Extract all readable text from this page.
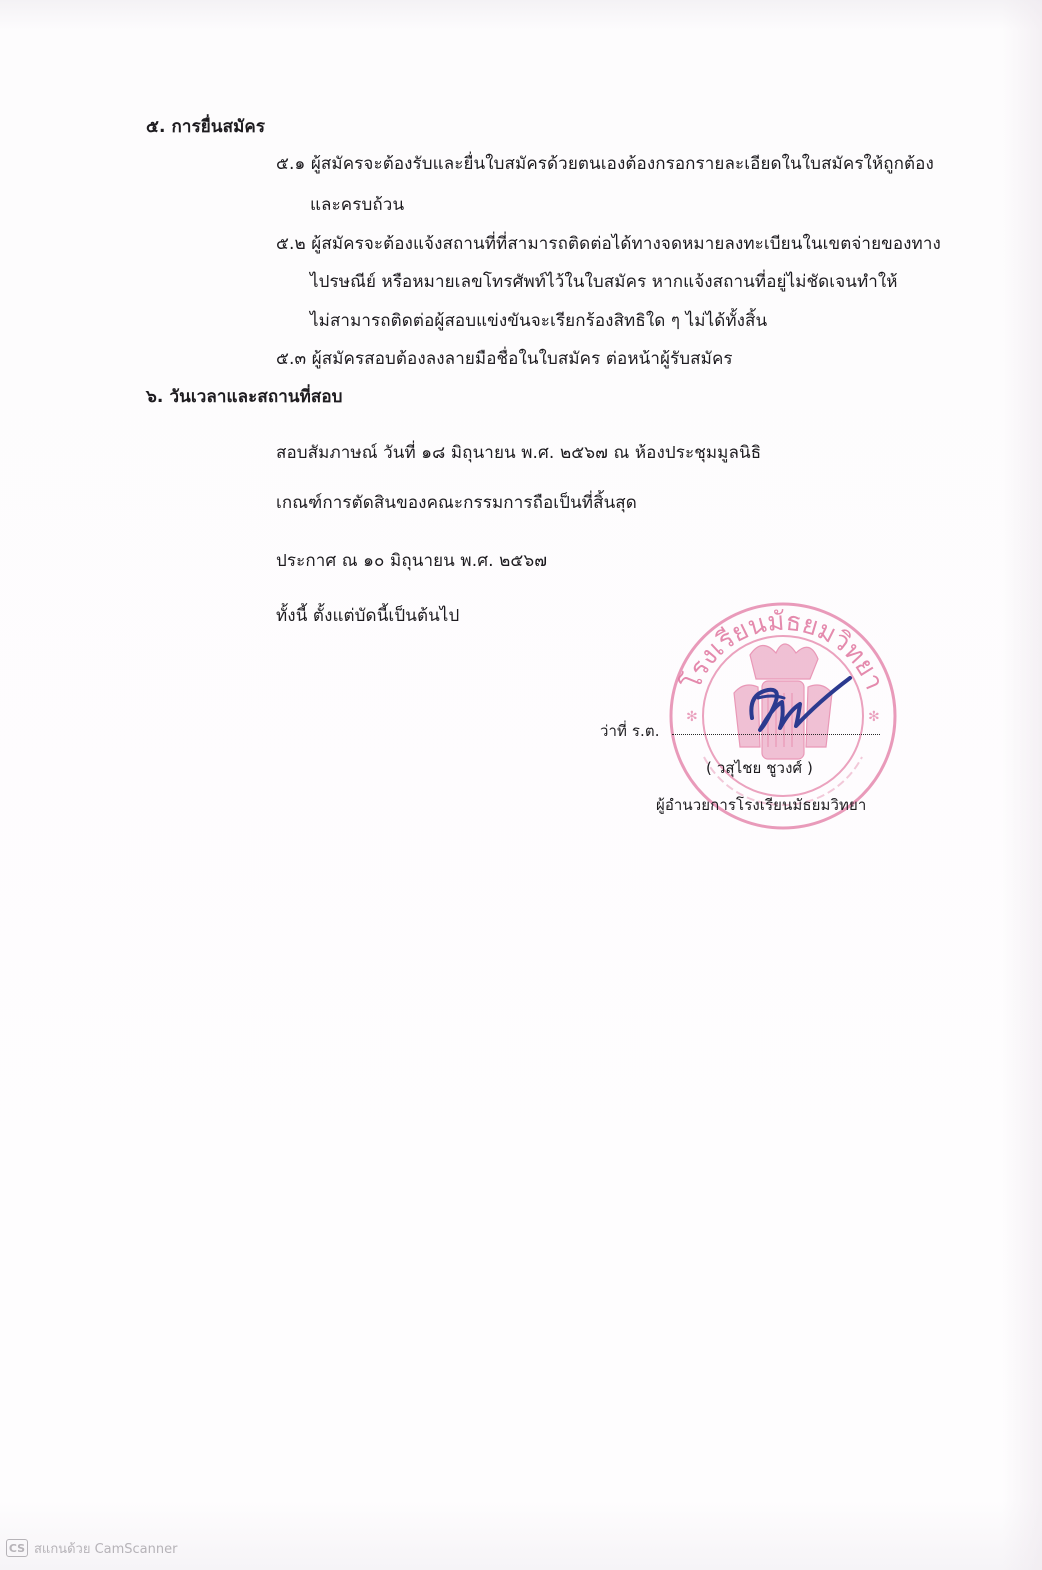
๕. การยื่นสมัคร
๕.๑ ผู้สมัครจะต้องรับและยื่นใบสมัครด้วยตนเองต้องกรอกรายละเอียดในใบสมัครให้ถูกต้อง
และครบถ้วน
๕.๒ ผู้สมัครจะต้องแจ้งสถานที่ที่สามารถติดต่อได้ทางจดหมายลงทะเบียนในเขตจ่ายของทาง
ไปรษณีย์ หรือหมายเลขโทรศัพท์ไว้ในใบสมัคร หากแจ้งสถานที่อยู่ไม่ชัดเจนทำให้
ไม่สามารถติดต่อผู้สอบแข่งขันจะเรียกร้องสิทธิใด ๆ ไม่ได้ทั้งสิ้น
๕.๓ ผู้สมัครสอบต้องลงลายมือชื่อในใบสมัคร ต่อหน้าผู้รับสมัคร
๖. วันเวลาและสถานที่สอบ
สอบสัมภาษณ์ วันที่ ๑๘ มิถุนายน พ.ศ. ๒๕๖๗ ณ ห้องประชุมมูลนิธิ
เกณฑ์การตัดสินของคณะกรรมการถือเป็นที่สิ้นสุด
ประกาศ ณ ๑๐ มิถุนายน พ.ศ. ๒๕๖๗
ทั้งนี้ ตั้งแต่บัดนี้เป็นต้นไป
โรงเรียนมัธยมวิทยา
✻	✻
ว่าที่ ร.ต.
( วสุไชย ชูวงศ์ )
ผู้อำนวยการโรงเรียนมัธยมวิทยา
CS สแกนด้วย CamScanner
